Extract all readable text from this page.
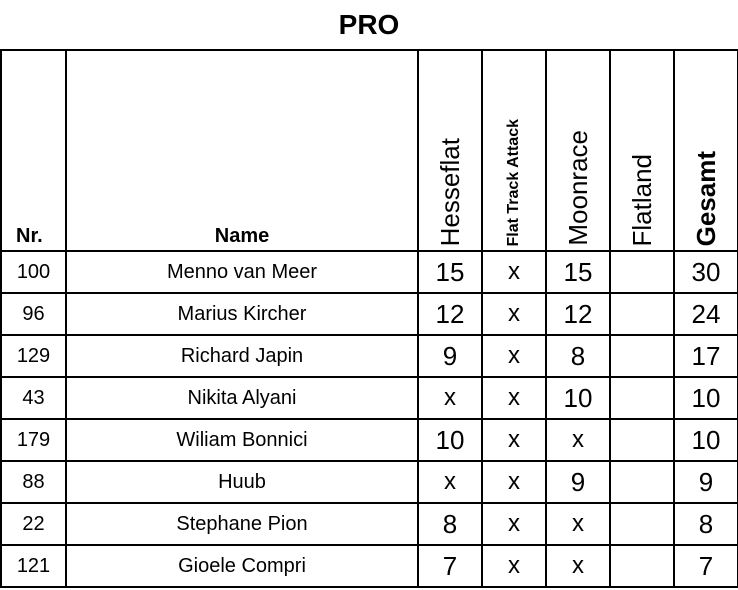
PRO
Nr.	Name	Hesseflat	Flat Track Attack	Moonrace	Flatland	Gesamt

100	Menno van Meer	15	x	15		30
96	Marius Kircher	12	x	12		24
129	Richard Japin	9	x	8		17
43	Nikita Alyani	x	x	10		10
179	Wiliam Bonnici	10	x	x		10
88	Huub	x	x	9		9
22	Stephane Pion	8	x	x		8
121	Gioele Compri	7	x	x		7
